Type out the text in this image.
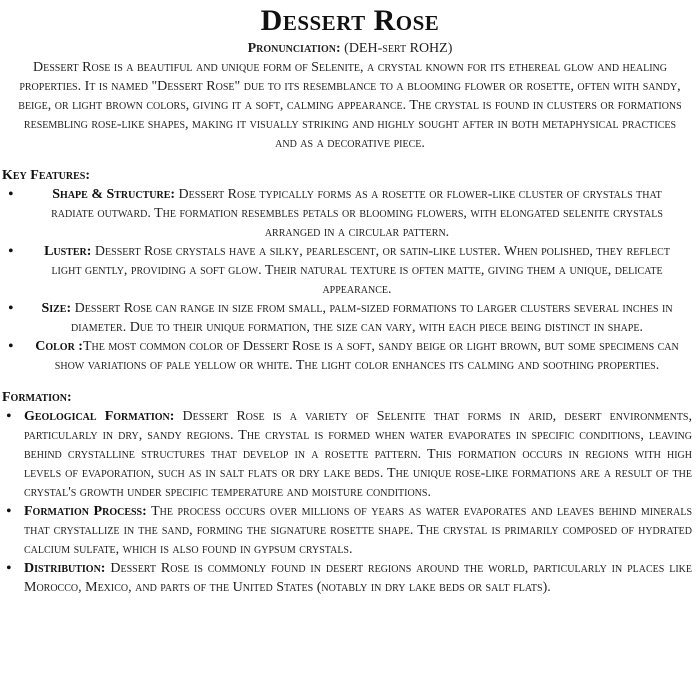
Dessert Rose
Pronunciation: (DEH-sert ROHZ)
Dessert Rose is a beautiful and unique form of Selenite, a crystal known for its ethereal glow and healing properties. It is named "Dessert Rose" due to its resemblance to a blooming flower or rosette, often with sandy, beige, or light brown colors, giving it a soft, calming appearance. The crystal is found in clusters or formations resembling rose-like shapes, making it visually striking and highly sought after in both metaphysical practices and as a decorative piece.
Key Features:
•	Shape & Structure: Dessert Rose typically forms as a rosette or flower-like cluster of crystals that radiate outward. The formation resembles petals or blooming flowers, with elongated selenite crystals arranged in a circular pattern.
• Luster: Dessert Rose crystals have a silky, pearlescent, or satin-like luster. When polished, they reflect light gently, providing a soft glow. Their natural texture is often matte, giving them a unique, delicate appearance.
• Size: Dessert Rose can range in size from small, palm-sized formations to larger clusters several inches in diameter. Due to their unique formation, the size can vary, with each piece being distinct in shape.
• Color :The most common color of Dessert Rose is a soft, sandy beige or light brown, but some specimens can show variations of pale yellow or white. The light color enhances its calming and soothing properties.
Formation:
• Geological Formation: Dessert Rose is a variety of Selenite that forms in arid, desert environments, particularly in dry, sandy regions. The crystal is formed when water evaporates in specific conditions, leaving behind crystalline structures that develop in a rosette pattern. This formation occurs in regions with high levels of evaporation, such as in salt flats or dry lake beds. The unique rose-like formations are a result of the crystal's growth under specific temperature and moisture conditions.
• Formation Process: The process occurs over millions of years as water evaporates and leaves behind minerals that crystallize in the sand, forming the signature rosette shape. The crystal is primarily composed of hydrated calcium sulfate, which is also found in gypsum crystals.
• Distribution: Dessert Rose is commonly found in desert regions around the world, particularly in places like Morocco, Mexico, and parts of the United States (notably in dry lake beds or salt flats).
